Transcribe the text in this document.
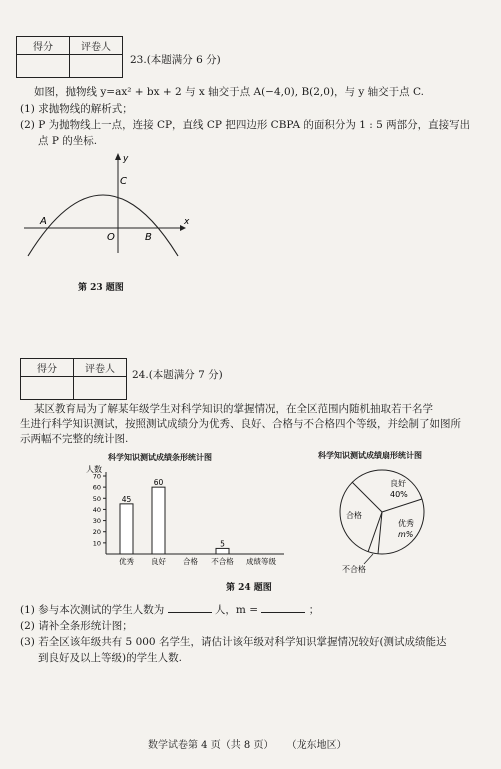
得分	评卷人

23.(本题满分 6 分)
如图，抛物线 y=ax² + bx + 2 与 x 轴交于点 A(−4,0), B(2,0)，与 y 轴交于点 C.
(1) 求抛物线的解析式；
(2) P 为抛物线上一点，连接 CP，直线 CP 把四边形 CBPA 的面积分为 1 : 5 两部分，直接写出
点 P 的坐标.
y
x
C
A
O	B
第 23 题图
得分	评卷人
	24.(本题满分 7 分)
某区教育局为了解某年级学生对科学知识的掌握情况，在全区范围内随机抽取若干名学
生进行科学知识测试，按照测试成绩分为优秀、良好、合格与不合格四个等级，并绘制了如图所
示两幅不完整的统计图.
科学知识测试成绩条形统计图
人数
成绩等级
10
20
30
40
50
60
70
45
优秀
60
良好 合格
5
不合格
科学知识测试成绩扇形统计图
良好
40%
优秀
m%
合格
不合格
第 24 题图
(1) 参与本次测试的学生人数为	人，m =	；
(2) 请补全条形统计图；
(3) 若全区该年级共有 5 000 名学生，请估计该年级对科学知识掌握情况较好(测试成绩能达
到良好及以上等级)的学生人数.
数学试卷第 4 页（共 8 页） （龙东地区）
